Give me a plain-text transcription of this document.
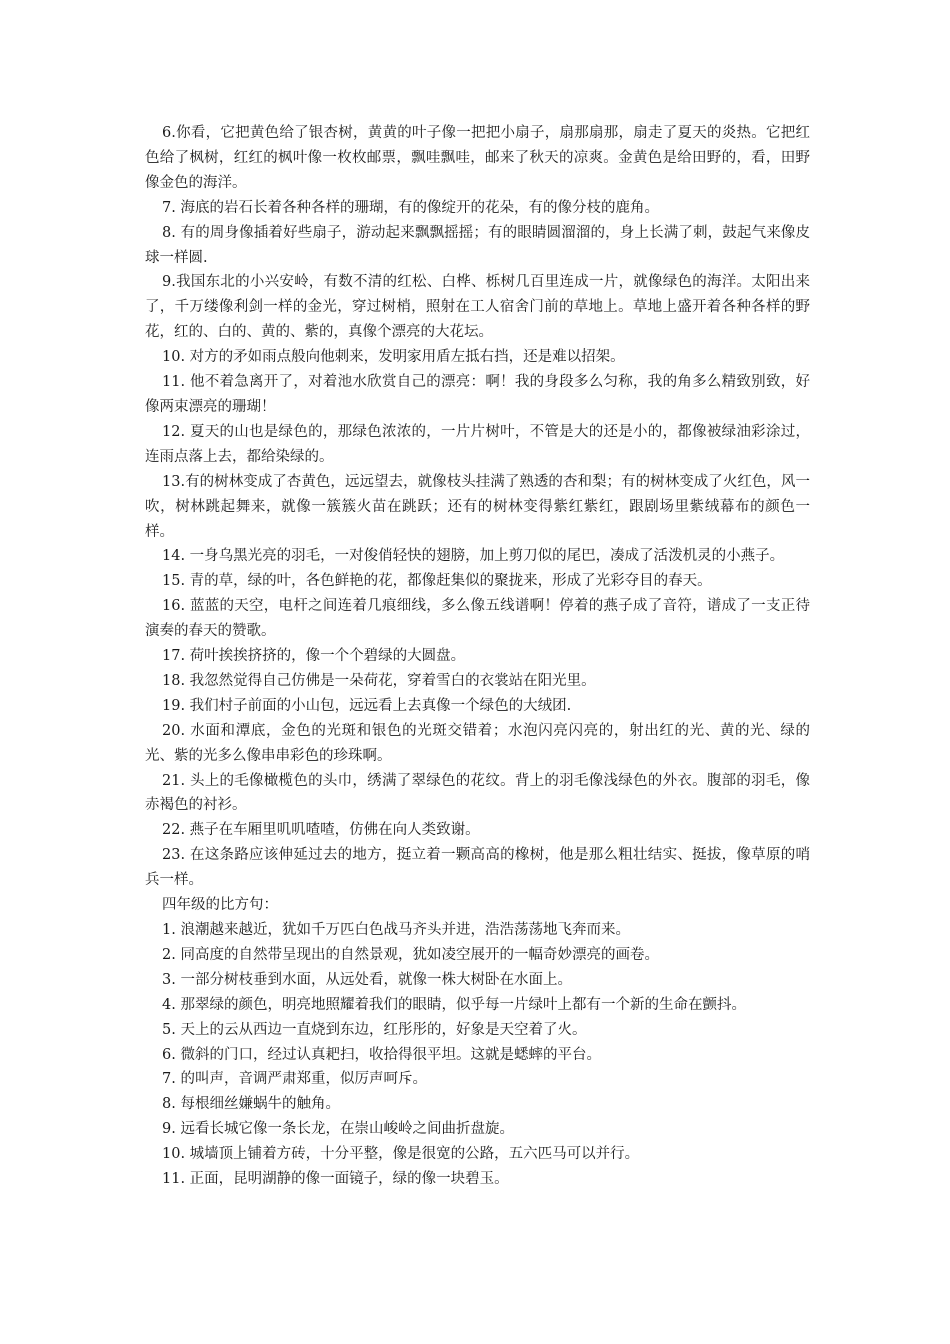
6.你看，它把黄色给了银杏树，黄黄的叶子像一把把小扇子，扇那扇那，扇走了夏天的炎热。它把红色给了枫树，红红的枫叶像一枚枚邮票，飘哇飘哇，邮来了秋天的凉爽。金黄色是给田野的，看，田野像金色的海洋。

7. 海底的岩石长着各种各样的珊瑚，有的像绽开的花朵，有的像分枝的鹿角。

8. 有的周身像插着好些扇子，游动起来飘飘摇摇；有的眼睛圆溜溜的，身上长满了刺，鼓起气来像皮球一样圆.

9.我国东北的小兴安岭，有数不清的红松、白桦、栎树几百里连成一片，就像绿色的海洋。太阳出来了，千万缕像利剑一样的金光，穿过树梢，照射在工人宿舍门前的草地上。草地上盛开着各种各样的野花，红的、白的、黄的、紫的，真像个漂亮的大花坛。

10. 对方的矛如雨点般向他刺来，发明家用盾左抵右挡，还是难以招架。

11. 他不着急离开了，对着池水欣赏自己的漂亮：啊！我的身段多么匀称，我的角多么精致别致，好像两束漂亮的珊瑚！

12. 夏天的山也是绿色的，那绿色浓浓的，一片片树叶，不管是大的还是小的，都像被绿油彩涂过，连雨点落上去，都给染绿的。

13.有的树林变成了杏黄色，远远望去，就像枝头挂满了熟透的杏和梨；有的树林变成了火红色，风一吹，树林跳起舞来，就像一簇簇火苗在跳跃；还有的树林变得紫红紫红，跟剧场里紫绒幕布的颜色一样。

14. 一身乌黑光亮的羽毛，一对俊俏轻快的翅膀，加上剪刀似的尾巴，凑成了活泼机灵的小燕子。

15. 青的草，绿的叶，各色鲜艳的花，都像赶集似的聚拢来，形成了光彩夺目的春天。

16. 蓝蓝的天空，电杆之间连着几痕细线，多么像五线谱啊！停着的燕子成了音符，谱成了一支正待演奏的春天的赞歌。

17. 荷叶挨挨挤挤的，像一个个碧绿的大圆盘。

18. 我忽然觉得自己仿佛是一朵荷花，穿着雪白的衣裳站在阳光里。

19. 我们村子前面的小山包，远远看上去真像一个绿色的大绒团.

20. 水面和潭底，金色的光斑和银色的光斑交错着；水泡闪亮闪亮的，射出红的光、黄的光、绿的光、紫的光多么像串串彩色的珍珠啊。

21. 头上的毛像橄榄色的头巾，绣满了翠绿色的花纹。背上的羽毛像浅绿色的外衣。腹部的羽毛，像赤褐色的衬衫。

22. 燕子在车厢里叽叽喳喳，仿佛在向人类致谢。

23. 在这条路应该伸延过去的地方，挺立着一颗高高的橡树，他是那么粗壮结实、挺拔，像草原的哨兵一样。

四年级的比方句：

1. 浪潮越来越近，犹如千万匹白色战马齐头并进，浩浩荡荡地飞奔而来。

2. 同高度的自然带呈现出的自然景观，犹如凌空展开的一幅奇妙漂亮的画卷。

3. 一部分树枝垂到水面，从远处看，就像一株大树卧在水面上。

4. 那翠绿的颜色，明亮地照耀着我们的眼睛，似乎每一片绿叶上都有一个新的生命在颤抖。

5. 天上的云从西边一直烧到东边，红彤彤的，好象是天空着了火。

6. 微斜的门口，经过认真耙扫，收拾得很平坦。这就是蟋蟀的平台。

7. 的叫声，音调严肃郑重，似厉声呵斥。

8. 每根细丝嫌蜗牛的触角。

9. 远看长城它像一条长龙，在崇山峻岭之间曲折盘旋。

10. 城墙顶上铺着方砖，十分平整，像是很宽的公路，五六匹马可以并行。

11. 正面，昆明湖静的像一面镜子，绿的像一块碧玉。
